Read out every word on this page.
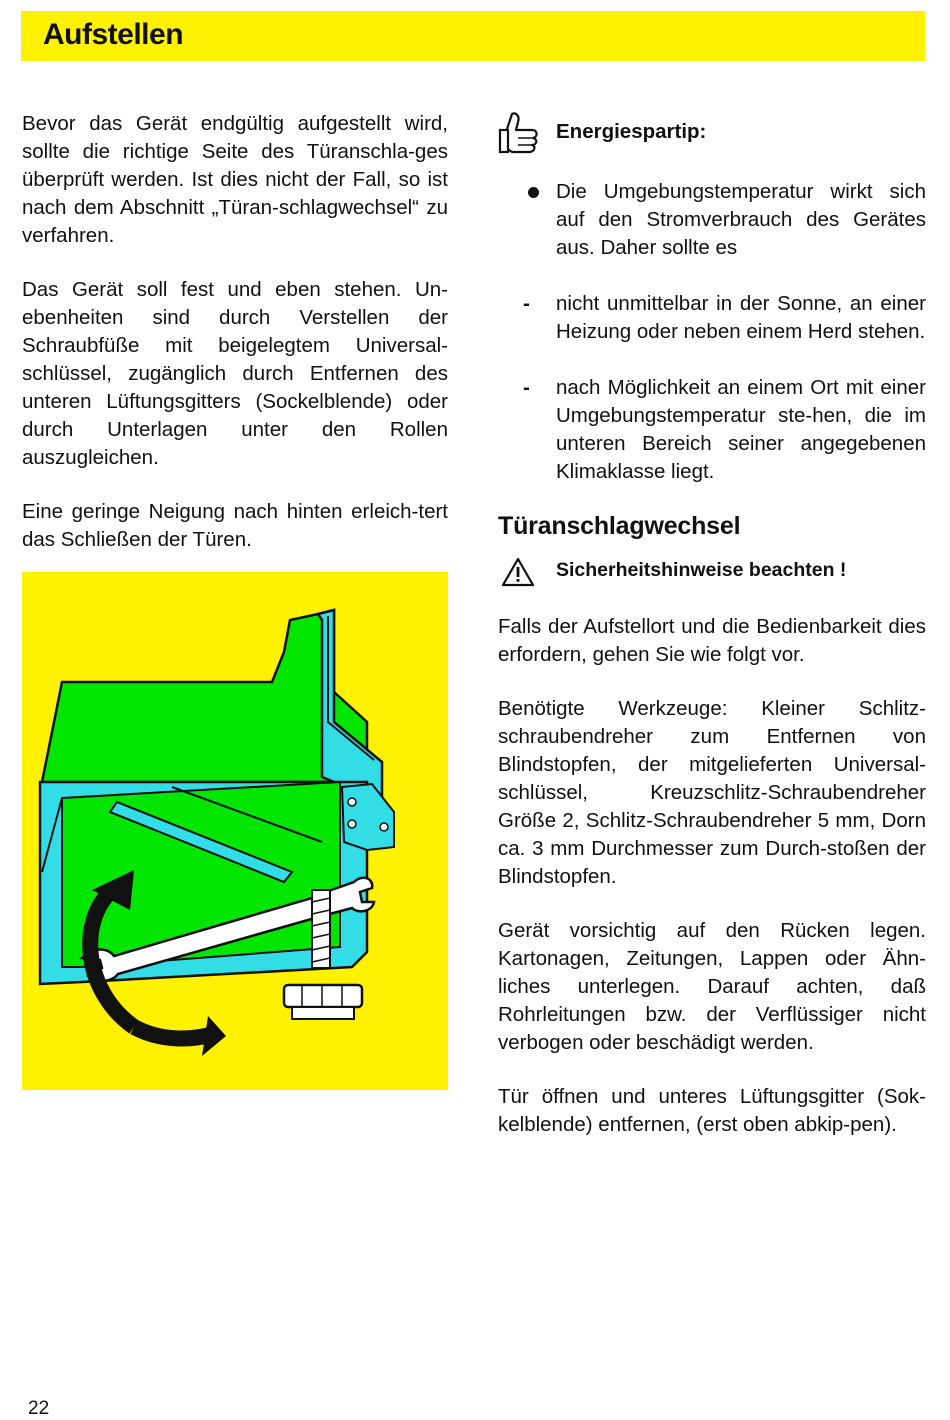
Aufstellen

Bevor das Gerät endgültig aufgestellt wird, sollte die richtige Seite des Türanschla-ges überprüft werden. Ist dies nicht der Fall, so ist nach dem Abschnitt „Türan-schlagwechsel“ zu verfahren.

Das Gerät soll fest und eben stehen. Un-ebenheiten sind durch Verstellen der Schraubfüße mit beigelegtem Universal-schlüssel, zugänglich durch Entfernen des unteren Lüftungsgitters (Sockelblende) oder durch Unterlagen unter den Rollen auszugleichen.

Eine geringe Neigung nach hinten erleich-tert das Schließen der Türen.

Energiespartip:

Die Umgebungstemperatur wirkt sich auf den Stromverbrauch des Gerätes aus. Daher sollte es

- nicht unmittelbar in der Sonne, an einer Heizung oder neben einem Herd stehen.

- nach Möglichkeit an einem Ort mit einer Umgebungstemperatur ste-hen, die im unteren Bereich seiner angegebenen Klimaklasse liegt.

Türanschlagwechsel
Sicherheitshinweise beachten !

Falls der Aufstellort und die Bedienbarkeit dies erfordern, gehen Sie wie folgt vor.

Benötigte Werkzeuge: Kleiner Schlitz-schraubendreher zum Entfernen von Blindstopfen, der mitgelieferten Universal-schlüssel, Kreuzschlitz-Schraubendreher Größe 2, Schlitz-Schraubendreher 5 mm, Dorn ca. 3 mm Durchmesser zum Durch-stoßen der Blindstopfen.

Gerät vorsichtig auf den Rücken legen. Kartonagen, Zeitungen, Lappen oder Ähn-liches unterlegen. Darauf achten, daß Rohrleitungen bzw. der Verflüssiger nicht verbogen oder beschädigt werden.

Tür öffnen und unteres Lüftungsgitter (Sok-kelblende) entfernen, (erst oben abkip-pen).

22
